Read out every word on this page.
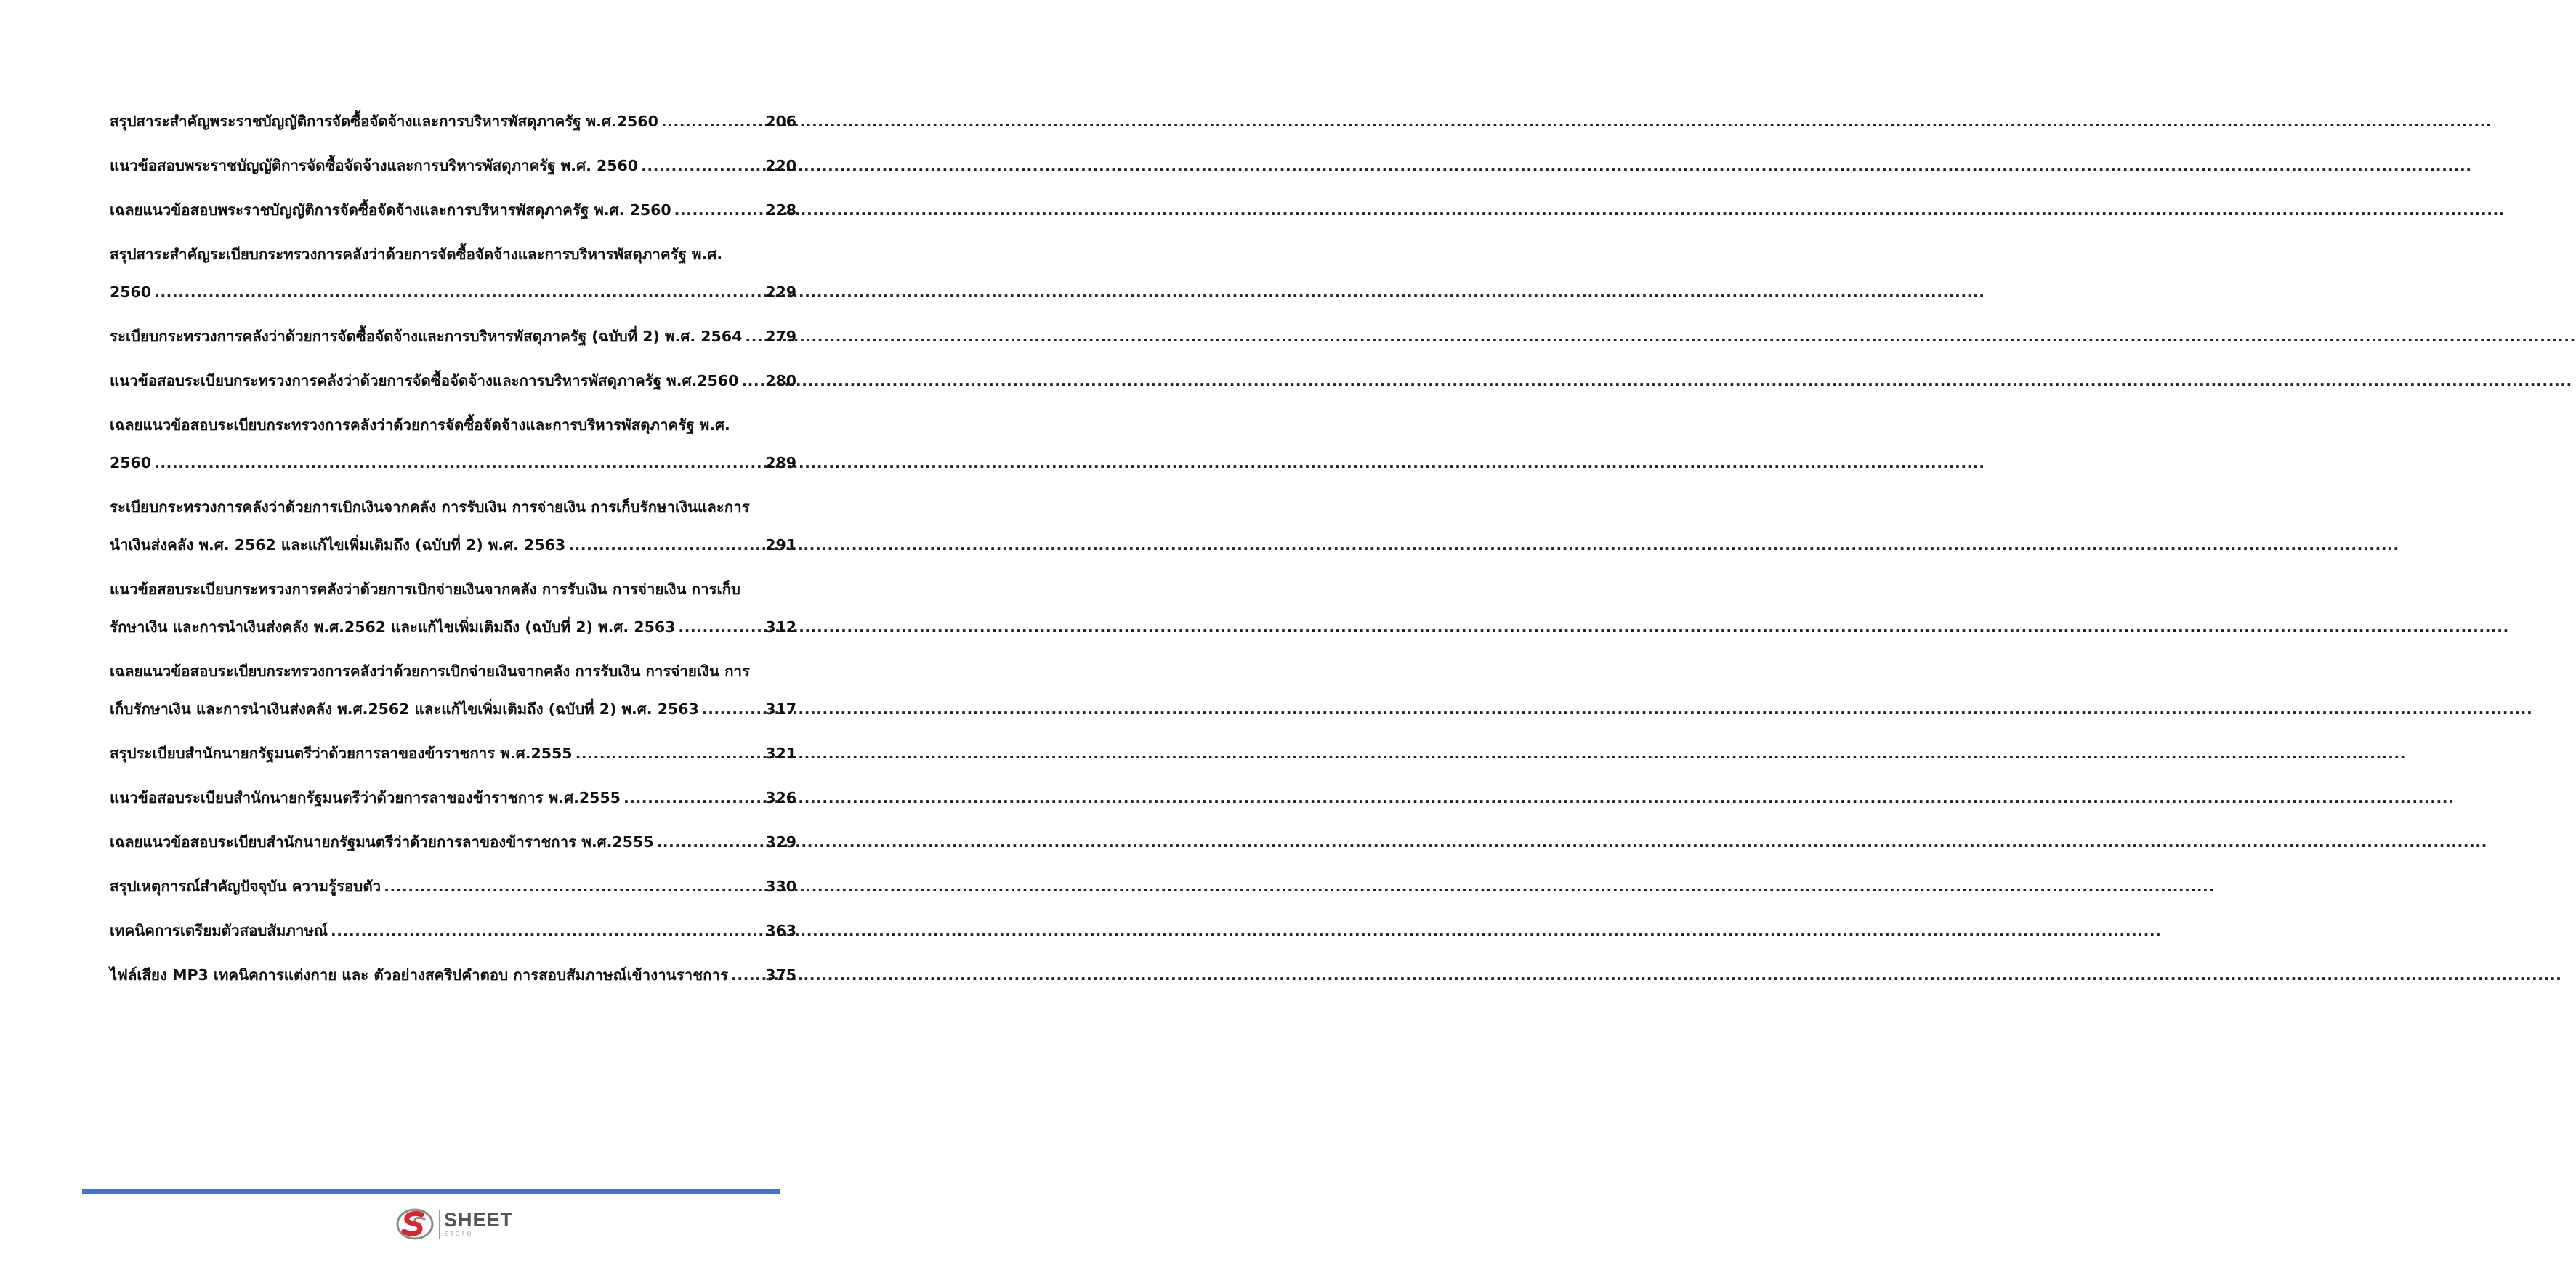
สรุปสาระสำคัญพระราชบัญญัติการจัดซื้อจัดจ้างและการบริหารพัสดุภาครัฐ พ.ศ.2560 .....	206
แนวข้อสอบพระราชบัญญัติการจัดซื้อจัดจ้างและการบริหารพัสดุภาครัฐ พ.ศ. 2560 .....	220
เฉลยแนวข้อสอบพระราชบัญญัติการจัดซื้อจัดจ้างและการบริหารพัสดุภาครัฐ พ.ศ. 2560 .....	228
สรุปสาระสำคัญระเบียบกระทรวงการคลังว่าด้วยการจัดซื้อจัดจ้างและการบริหารพัสดุภาครัฐ พ.ศ.
2560 .....	229
ระเบียบกระทรวงการคลังว่าด้วยการจัดซื้อจัดจ้างและการบริหารพัสดุภาครัฐ (ฉบับที่ 2) พ.ศ. 2564 ..... 279
แนวข้อสอบระเบียบกระทรวงการคลังว่าด้วยการจัดซื้อจัดจ้างและการบริหารพัสดุภาครัฐ พ.ศ.2560 ..... 280
เฉลยแนวข้อสอบระเบียบกระทรวงการคลังว่าด้วยการจัดซื้อจัดจ้างและการบริหารพัสดุภาครัฐ พ.ศ.
2560 .....	289
ระเบียบกระทรวงการคลังว่าด้วยการเบิกเงินจากคลัง การรับเงิน การจ่ายเงิน การเก็บรักษาเงินและการ
นำเงินส่งคลัง พ.ศ. 2562 และแก้ไขเพิ่มเติมถึง (ฉบับที่ 2) พ.ศ. 2563 .....	291
แนวข้อสอบระเบียบกระทรวงการคลังว่าด้วยการเบิกจ่ายเงินจากคลัง การรับเงิน การจ่ายเงิน การเก็บ
รักษาเงิน และการนำเงินส่งคลัง พ.ศ.2562 และแก้ไขเพิ่มเติมถึง (ฉบับที่ 2) พ.ศ. 2563 .....	312
เฉลยแนวข้อสอบระเบียบกระทรวงการคลังว่าด้วยการเบิกจ่ายเงินจากคลัง การรับเงิน การจ่ายเงิน การ
เก็บรักษาเงิน และการนำเงินส่งคลัง พ.ศ.2562 และแก้ไขเพิ่มเติมถึง (ฉบับที่ 2) พ.ศ. 2563 .....	317
สรุประเบียบสำนักนายกรัฐมนตรีว่าด้วยการลาของข้าราชการ พ.ศ.2555 .....	321
แนวข้อสอบระเบียบสำนักนายกรัฐมนตรีว่าด้วยการลาของข้าราชการ พ.ศ.2555 .....	326
เฉลยแนวข้อสอบระเบียบสำนักนายกรัฐมนตรีว่าด้วยการลาของข้าราชการ พ.ศ.2555 .....	329
สรุปเหตุการณ์สำคัญปัจจุบัน ความรู้รอบตัว .....	330
เทคนิคการเตรียมตัวสอบสัมภาษณ์ .....	363
ไฟล์เสียง MP3 เทคนิคการแต่งกาย และ ตัวอย่างสคริปคำตอบ การสอบสัมภาษณ์เข้างานราชการ ..... 375
SHEET
store
